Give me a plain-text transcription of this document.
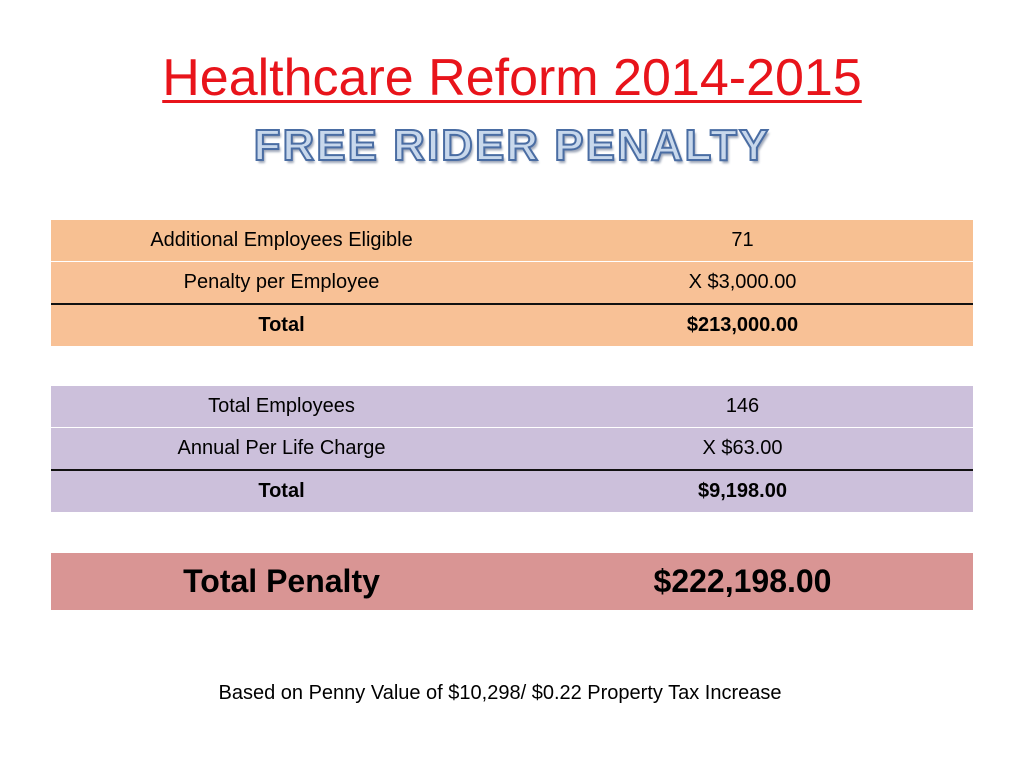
Healthcare Reform 2014-2015
FREE RIDER PENALTY
Additional Employees Eligible	71
Penalty per Employee	X $3,000.00
Total	$213,000.00
Total Employees	146
Annual Per Life Charge	X $63.00
Total	$9,198.00
Total Penalty	$222,198.00
Based on Penny Value of $10,298/ $0.22 Property Tax Increase
